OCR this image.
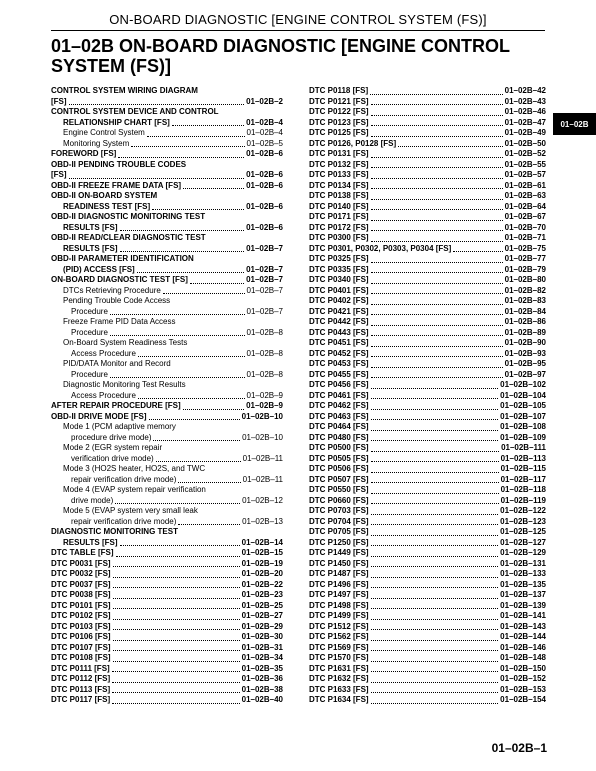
ON-BOARD DIAGNOSTIC [ENGINE CONTROL SYSTEM (FS)]
01–02B ON-BOARD DIAGNOSTIC [ENGINE CONTROL SYSTEM (FS)]
01–02B
CONTROL SYSTEM WIRING DIAGRAM
[FS]	01–02B–2
CONTROL SYSTEM DEVICE AND CONTROL
RELATIONSHIP CHART [FS]	01–02B–4
Engine Control System	01–02B–4
Monitoring System	01–02B–5
FOREWORD [FS]	01–02B–6
OBD-II PENDING TROUBLE CODES
[FS]	01–02B–6
OBD-II FREEZE FRAME DATA [FS]	01–02B–6
OBD-II ON-BOARD SYSTEM
READINESS TEST [FS]	01–02B–6
OBD-II DIAGNOSTIC MONITORING TEST
RESULTS [FS]	01–02B–6
OBD-II READ/CLEAR DIAGNOSTIC TEST
RESULTS [FS]	01–02B–7
OBD-II PARAMETER IDENTIFICATION
(PID) ACCESS [FS]	01–02B–7
ON-BOARD DIAGNOSTIC TEST [FS]	01–02B–7
DTCs Retrieving Procedure	01–02B–7
Pending Trouble Code Access
Procedure	01–02B–7
Freeze Frame PID Data Access
Procedure	01–02B–8
On-Board System Readiness Tests
Access Procedure	01–02B–8
PID/DATA Monitor and Record
Procedure	01–02B–8
Diagnostic Monitoring Test Results
Access Procedure	01–02B–9
AFTER REPAIR PROCEDURE [FS]	01–02B–9
OBD-II DRIVE MODE [FS]	01–02B–10
Mode 1 (PCM adaptive memory
procedure drive mode)	01–02B–10
Mode 2 (EGR system repair
verification drive mode)	01–02B–11
Mode 3 (HO2S heater, HO2S, and TWC
repair verification drive mode)	01–02B–11
Mode 4 (EVAP system repair verification
drive mode)	01–02B–12
Mode 5 (EVAP system very small leak
repair verification drive mode)	01–02B–13
DIAGNOSTIC MONITORING TEST
RESULTS [FS]	01–02B–14
DTC TABLE [FS]	01–02B–15
DTC P0031 [FS]	01–02B–19
DTC P0032 [FS]	01–02B–20
DTC P0037 [FS]	01–02B–22
DTC P0038 [FS]	01–02B–23
DTC P0101 [FS]	01–02B–25
DTC P0102 [FS]	01–02B–27
DTC P0103 [FS]	01–02B–29
DTC P0106 [FS]	01–02B–30
DTC P0107 [FS]	01–02B–31
DTC P0108 [FS]	01–02B–34
DTC P0111 [FS]	01–02B–35
DTC P0112 [FS]	01–02B–36
DTC P0113 [FS]	01–02B–38
DTC P0117 [FS]	01–02B–40
DTC P0118 [FS]	01–02B–42
DTC P0121 [FS]	01–02B–43
DTC P0122 [FS]	01–02B–46
DTC P0123 [FS]	01–02B–47
DTC P0125 [FS]	01–02B–49
DTC P0126, P0128 [FS]	01–02B–50
DTC P0131 [FS]	01–02B–52
DTC P0132 [FS]	01–02B–55
DTC P0133 [FS]	01–02B–57
DTC P0134 [FS]	01–02B–61
DTC P0138 [FS]	01–02B–63
DTC P0140 [FS]	01–02B–64
DTC P0171 [FS]	01–02B–67
DTC P0172 [FS]	01–02B–70
DTC P0300 [FS]	01–02B–71
DTC P0301, P0302, P0303, P0304 [FS]	01–02B–75
DTC P0325 [FS]	01–02B–77
DTC P0335 [FS]	01–02B–79
DTC P0340 [FS]	01–02B–80
DTC P0401 [FS]	01–02B–82
DTC P0402 [FS]	01–02B–83
DTC P0421 [FS]	01–02B–84
DTC P0442 [FS]	01–02B–86
DTC P0443 [FS]	01–02B–89
DTC P0451 [FS]	01–02B–90
DTC P0452 [FS]	01–02B–93
DTC P0453 [FS]	01–02B–95
DTC P0455 [FS]	01–02B–97
DTC P0456 [FS]	01–02B–102
DTC P0461 [FS]	01–02B–104
DTC P0462 [FS]	01–02B–105
DTC P0463 [FS]	01–02B–107
DTC P0464 [FS]	01–02B–108
DTC P0480 [FS]	01–02B–109
DTC P0500 [FS]	01–02B–111
DTC P0505 [FS]	01–02B–113
DTC P0506 [FS]	01–02B–115
DTC P0507 [FS]	01–02B–117
DTC P0550 [FS]	01–02B–118
DTC P0660 [FS]	01–02B–119
DTC P0703 [FS]	01–02B–122
DTC P0704 [FS]	01–02B–123
DTC P0705 [FS]	01–02B–125
DTC P1250 [FS]	01–02B–127
DTC P1449 [FS]	01–02B–129
DTC P1450 [FS]	01–02B–131
DTC P1487 [FS]	01–02B–133
DTC P1496 [FS]	01–02B–135
DTC P1497 [FS]	01–02B–137
DTC P1498 [FS]	01–02B–139
DTC P1499 [FS]	01–02B–141
DTC P1512 [FS]	01–02B–143
DTC P1562 [FS]	01–02B–144
DTC P1569 [FS]	01–02B–146
DTC P1570 [FS]	01–02B–148
DTC P1631 [FS]	01–02B–150
DTC P1632 [FS]	01–02B–152
DTC P1633 [FS]	01–02B–153
DTC P1634 [FS]	01–02B–154
01–02B–1
